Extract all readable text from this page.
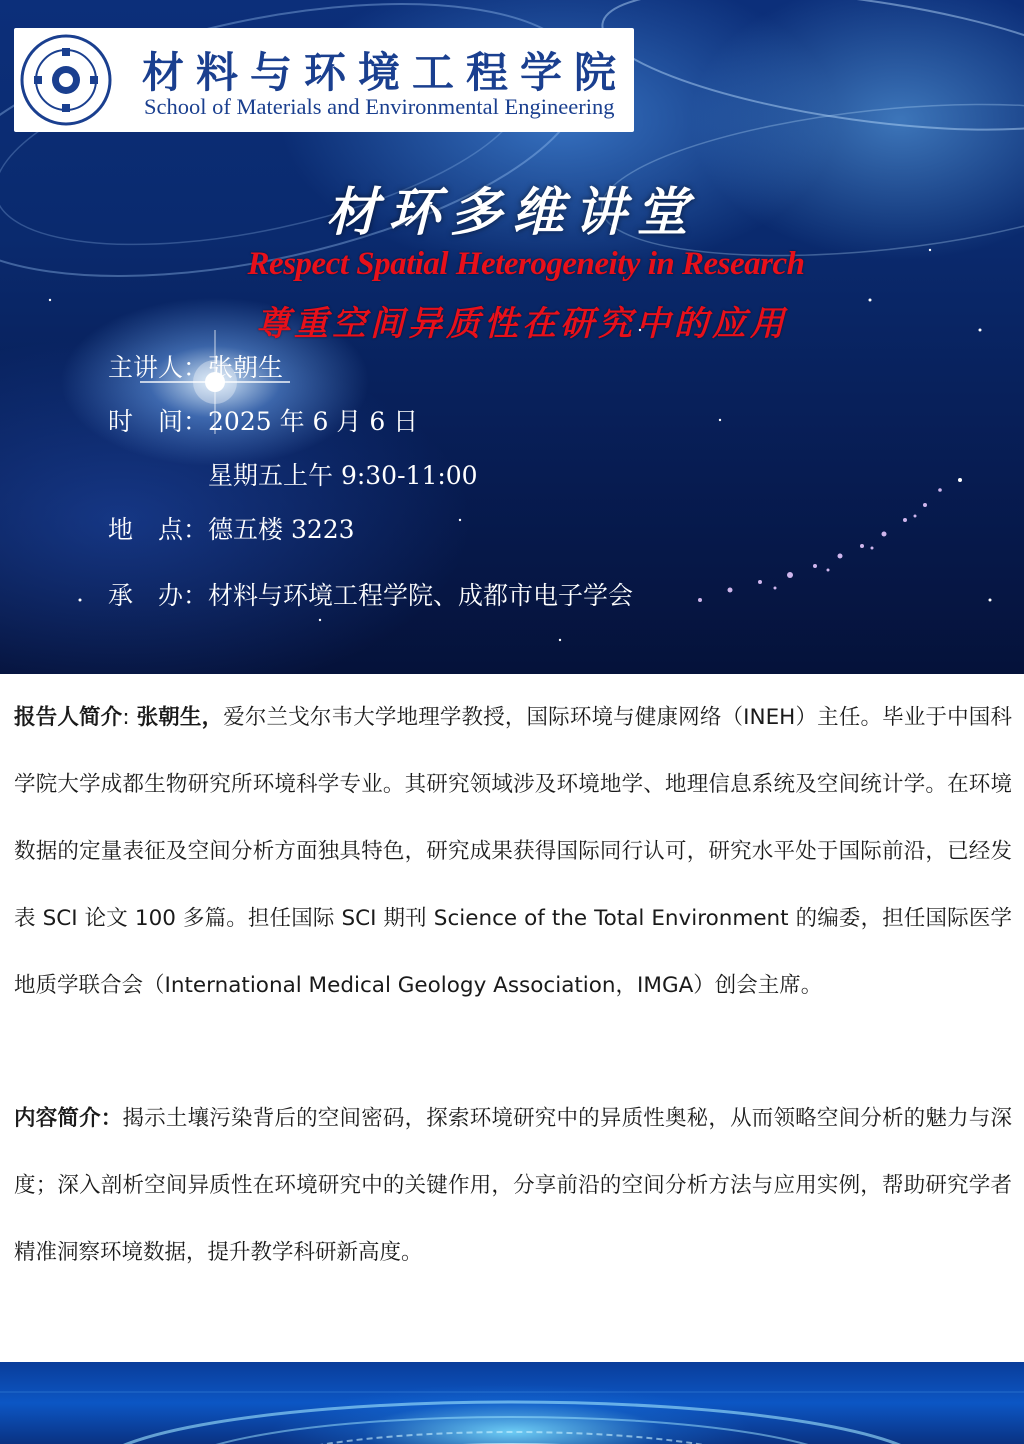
材料与环境工程学院
School of Materials and Environmental Engineering
材环多维讲堂
Respect Spatial Heterogeneity in Research
尊重空间异质性在研究中的应用
主讲人：张朝生
时　间：2025 年 6 月 6 日
星期五上午 9:30-11:00
地　点：德五楼 3223
承　办：材料与环境工程学院、成都市电子学会
报告人简介: 张朝生，爱尔兰戈尔韦大学地理学教授，国际环境与健康网络（INEH）主任。毕业于中国科学院大学成都生物研究所环境科学专业。其研究领域涉及环境地学、地理信息系统及空间统计学。在环境数据的定量表征及空间分析方面独具特色，研究成果获得国际同行认可，研究水平处于国际前沿，已经发表 SCI 论文 100 多篇。担任国际 SCI 期刊 Science of the Total Environment 的编委，担任国际医学地质学联合会（International Medical Geology Association，IMGA）创会主席。
内容简介：揭示土壤污染背后的空间密码，探索环境研究中的异质性奥秘，从而领略空间分析的魅力与深度；深入剖析空间异质性在环境研究中的关键作用，分享前沿的空间分析方法与应用实例，帮助研究学者精准洞察环境数据，提升教学科研新高度。
